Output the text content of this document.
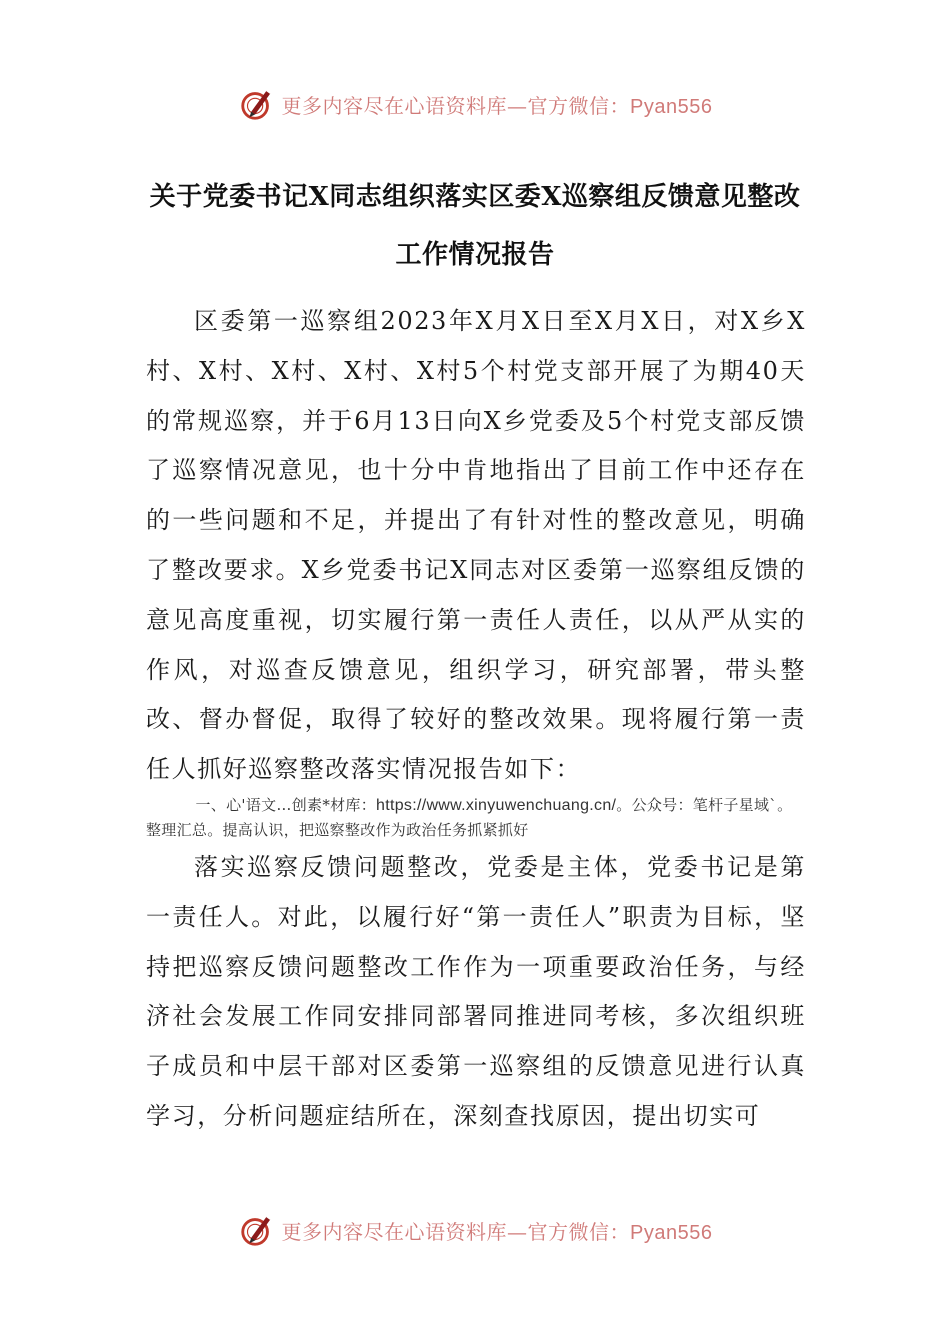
更多内容尽在心语资料库—官方微信：Pyan556
关于党委书记X同志组织落实区委X巡察组反馈意见整改工作情况报告
区委第一巡察组2023年X月X日至X月X日，对X乡X村、X村、X村、X村、X村5个村党支部开展了为期40天的常规巡察，并于6月13日向X乡党委及5个村党支部反馈了巡察情况意见，也十分中肯地指出了目前工作中还存在的一些问题和不足，并提出了有针对性的整改意见，明确了整改要求。X乡党委书记X同志对区委第一巡察组反馈的意见高度重视，切实履行第一责任人责任，以从严从实的作风，对巡查反馈意见，组织学习，研究部署，带头整改、督办督促，取得了较好的整改效果。现将履行第一责任人抓好巡察整改落实情况报告如下：
一、心'语文…创素*材库：https://www.xinyuwenchuang.cn/。公众号：笔杆子星域`。整理汇总。提高认识，把巡察整改作为政治任务抓紧抓好
落实巡察反馈问题整改，党委是主体，党委书记是第一责任人。对此，以履行好“第一责任人”职责为目标，坚持把巡察反馈问题整改工作作为一项重要政治任务，与经济社会发展工作同安排同部署同推进同考核，多次组织班子成员和中层干部对区委第一巡察组的反馈意见进行认真学习，分析问题症结所在，深刻查找原因，提出切实可
更多内容尽在心语资料库—官方微信：Pyan556
